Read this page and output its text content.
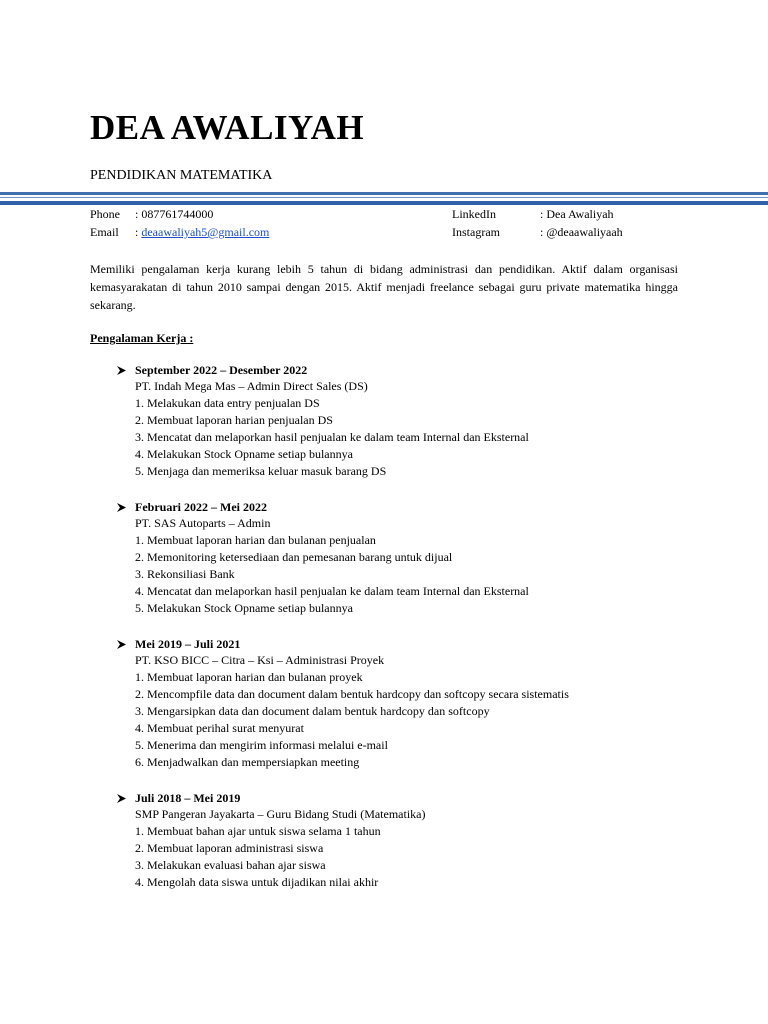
DEA AWALIYAH
PENDIDIKAN MATEMATIKA
Phone : 087761744000
Email : deaawaliyah5@gmail.com
LinkedIn	: Dea Awaliyah
Instagram	: @deaawaliyaah
Memiliki pengalaman kerja kurang lebih 5 tahun di bidang administrasi dan pendidikan. Aktif dalam organisasi kemasyarakatan di tahun 2010 sampai dengan 2015. Aktif menjadi freelance sebagai guru private matematika hingga sekarang.
Pengalaman Kerja :
September 2022 – Desember 2022
PT. Indah Mega Mas – Admin Direct Sales (DS)
1. Melakukan data entry penjualan DS
2. Membuat laporan harian penjualan DS
3. Mencatat dan melaporkan hasil penjualan ke dalam team Internal dan Eksternal
4. Melakukan Stock Opname setiap bulannya
5. Menjaga dan memeriksa keluar masuk barang DS
Februari 2022 – Mei 2022
PT. SAS Autoparts – Admin
1. Membuat laporan harian dan bulanan penjualan
2. Memonitoring ketersediaan dan pemesanan barang untuk dijual
3. Rekonsiliasi Bank
4. Mencatat dan melaporkan hasil penjualan ke dalam team Internal dan Eksternal
5. Melakukan Stock Opname setiap bulannya
Mei 2019 – Juli 2021
PT. KSO BICC – Citra – Ksi – Administrasi Proyek
1. Membuat laporan harian dan bulanan proyek
2. Mencompfile data dan document dalam bentuk hardcopy dan softcopy secara sistematis
3. Mengarsipkan data dan document dalam bentuk hardcopy dan softcopy
4. Membuat perihal surat menyurat
5. Menerima dan mengirim informasi melalui e-mail
6. Menjadwalkan dan mempersiapkan meeting
Juli 2018 – Mei 2019
SMP Pangeran Jayakarta – Guru Bidang Studi (Matematika)
1. Membuat bahan ajar untuk siswa selama 1 tahun
2. Membuat laporan administrasi siswa
3. Melakukan evaluasi bahan ajar siswa
4. Mengolah data siswa untuk dijadikan nilai akhir
